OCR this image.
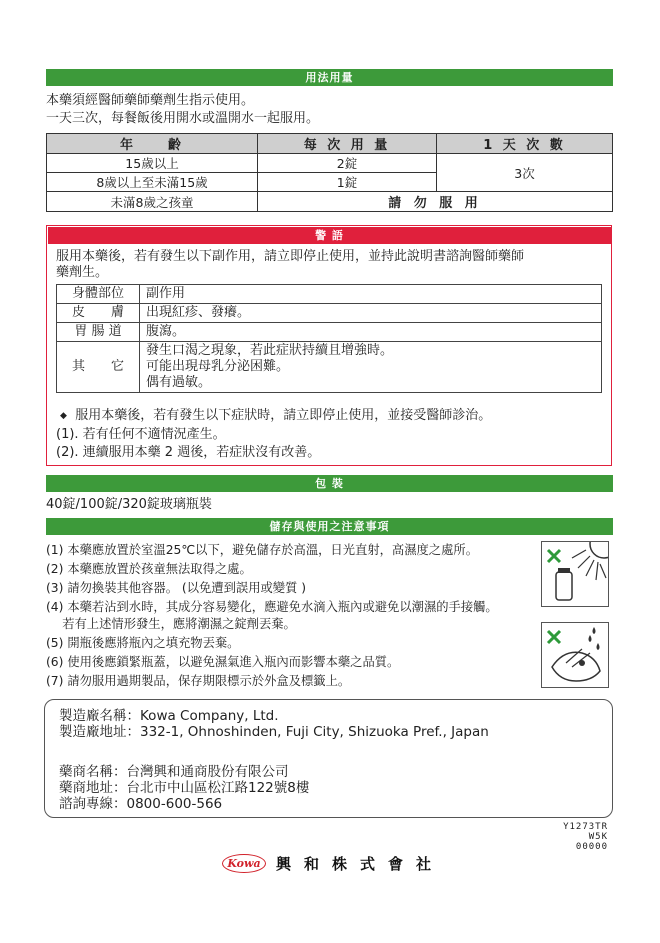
用法用量
本藥須經醫師藥師藥劑生指示使用。
一天三次，每餐飯後用開水或溫開水一起服用。
年　　齡	每 次 用 量	1 天 次 數
15歲以上	2錠	3次
8歲以上至未滿15歲	1錠	
未滿8歲之孩童	請 勿 服 用	
警 語
服用本藥後，若有發生以下副作用，請立即停止使用，並持此說明書諮詢醫師藥師
藥劑生。
身體部位	副作用
皮　　膚	出現紅疹、發癢。
胃 腸 道	腹瀉。
其　　它	發生口渴之現象，若此症狀持續且增強時。
可能出現母乳分泌困難。
偶有過敏。
◆ 服用本藥後，若有發生以下症狀時，請立即停止使用，並接受醫師診治。
(1). 若有任何不適情況產生。
(2). 連續服用本藥 2 週後，若症狀沒有改善。
包 裝
40錠/100錠/320錠玻璃瓶裝
儲存與使用之注意事項
(1) 本藥應放置於室溫25℃以下，避免儲存於高溫，日光直射，高濕度之處所。
(2) 本藥應放置於孩童無法取得之處。
(3) 請勿換裝其他容器。 (以免遭到誤用或變質 )
(4) 本藥若沾到水時，其成分容易變化，應避免水滴入瓶內或避免以潮濕的手接觸。
　 若有上述情形發生，應將潮濕之錠劑丟棄。
(5) 開瓶後應將瓶內之填充物丟棄。
(6) 使用後應鎖緊瓶蓋，以避免濕氣進入瓶內而影響本藥之品質。
(7) 請勿服用過期製品，保存期限標示於外盒及標籤上。
製造廠名稱：Kowa Company, Ltd.
製造廠地址：332-1, Ohnoshinden, Fuji City, Shizuoka Pref., Japan
藥商名稱：台灣興和通商股份有限公司
藥商地址：台北市中山區松江路122號8樓
諮詢專線：0800-600-566
Y1273TR
W5K
00000
Kowa	興和株式會社
